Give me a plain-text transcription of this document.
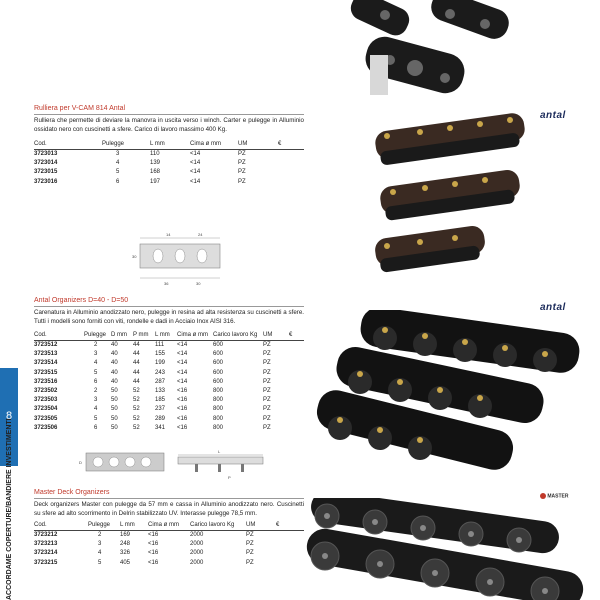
Rulliera per V-CAM 814 Antal
Rulliera che permette di deviare la manovra in uscita verso i winch. Carter e pulegge in Alluminio ossidato nero con cuscinetti a sfere. Carico di lavoro massimo 400 Kg.
antal
Cod.	Pulegge	L mm	Cima ø mm	UM	€
3723013	3	110	<14	PZ	
3723014	4	139	<14	PZ	
3723015	5	168	<14	PZ	
3723016	6	197	<14	PZ	
14	24
30
36	30
Antal Organizers D=40 - D=50
Carenatura in Alluminio anodizzato nero, pulegge in resina ad alta resistenza su cuscinetti a sfere. Tutti i modelli sono forniti con viti, rondelle e dadi in Acciaio Inox AISI 316.
antal
Cod.	Pulegge	D mm	P mm	L mm	Cima ø mm	Carico lavoro Kg	UM	€
3723512	2	40	44	111	<14	600	PZ	
3723513	3	40	44	155	<14	600	PZ	
3723514	4	40	44	199	<14	600	PZ	
3723515	5	40	44	243	<14	600	PZ	
3723516	6	40	44	287	<14	600	PZ	
3723502	2	50	52	133	<16	800	PZ	
3723503	3	50	52	185	<16	800	PZ	
3723504	4	50	52	237	<16	800	PZ	
3723505	5	50	52	289	<16	800	PZ	
3723506	6	50	52	341	<16	800	PZ	
D
L
P
Master Deck Organizers
Deck organizers Master con pulegge da 57 mm e cassa in Alluminio anodizzato nero. Cuscinetti su sfere ad alto scorrimento in Delrin stabilizzato UV. Interasse pulegge 78,5 mm.
MASTER
Cod.	Pulegge	L mm	Cima ø mm	Carico lavoro Kg	UM	€
3723212	2	169	<16	2000	PZ	
3723213	3	248	<16	2000	PZ	
3723214	4	326	<16	2000	PZ	
3723215	5	405	<16	2000	PZ	
8
ACCORDAME COPERTURE/BANDIERE INVESTIMENTI
